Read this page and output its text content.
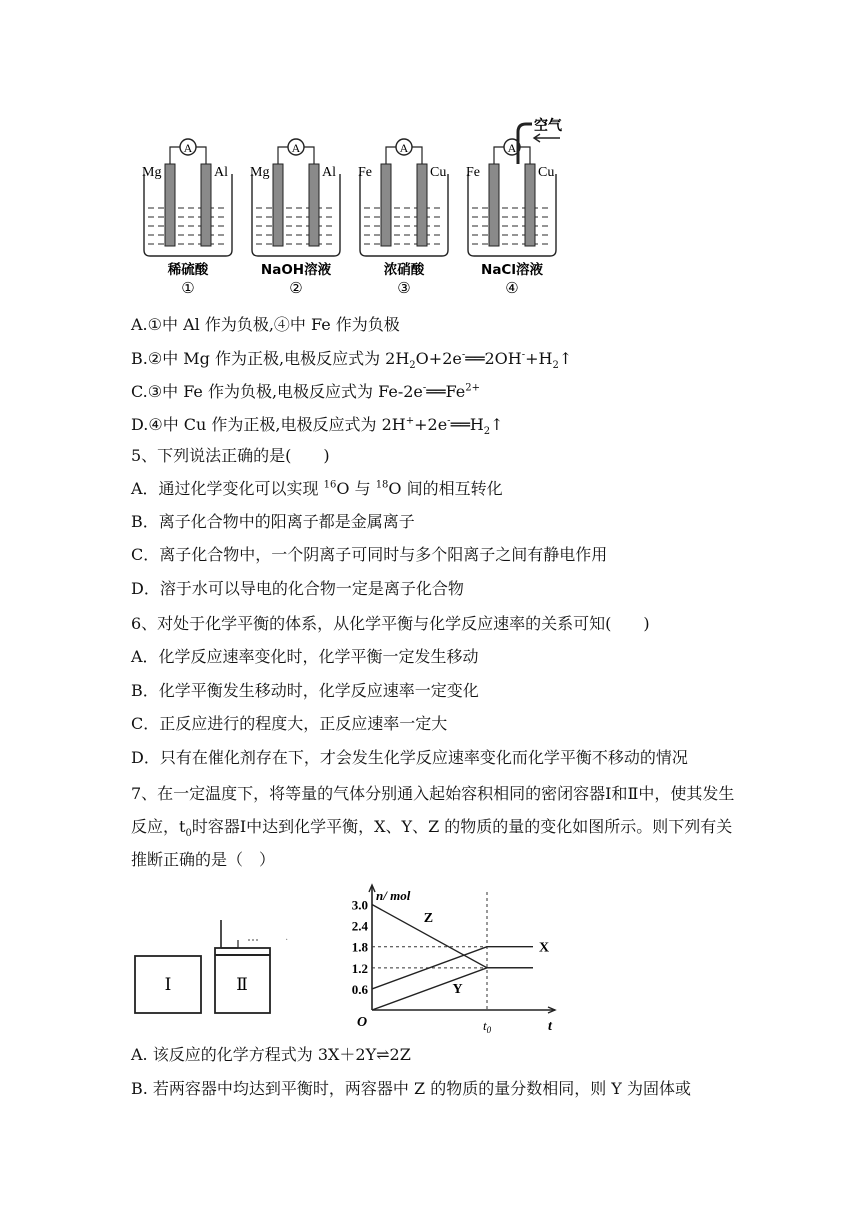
A
Mg	Al
稀硫酸
①
A
Mg	Al
NaOH溶液
②
A
Fe	Cu
浓硝酸
③
A
Fe	Cu
NaCl溶液
④
空气
A.①中 Al 作为负极,④中 Fe 作为负极
B.②中 Mg 作为正极,电极反应式为 $2H_2O+2e^-══2OH^-+H_2↑$
C.③中 Fe 作为负极,电极反应式为 $Fe-2e^-══Fe^{2+}$
D.④中 Cu 作为正极,电极反应式为 $2H^++2e^-══H_2↑$
5、下列说法正确的是(　　)
A．通过化学变化可以实现 $^{16}$O 与 $^{18}$O 间的相互转化
B．离子化合物中的阳离子都是金属离子
C．离子化合物中，一个阴离子可同时与多个阳离子之间有静电作用
D．溶于水可以导电的化合物一定是离子化合物
6、对处于化学平衡的体系，从化学平衡与化学反应速率的关系可知(　　)
A．化学反应速率变化时，化学平衡一定发生移动
B．化学平衡发生移动时，化学反应速率一定变化
C．正反应进行的程度大，正反应速率一定大
D．只有在催化剂存在下，才会发生化学反应速率变化而化学平衡不移动的情况
7、在一定温度下，将等量的气体分别通入起始容积相同的密闭容器Ⅰ和Ⅱ中，使其发生反应，$t_0$时容器Ⅰ中达到化学平衡，X、Y、Z 的物质的量的变化如图所示。则下列有关推断正确的是（　）
Ⅰ	Ⅱ
·
n/ mol
t
O
3.0
2.4
1.8
1.2
0.6
$t_0$
Z
X
Y
A. 该反应的化学方程式为 3X＋2Y⇌2Z
B. 若两容器中均达到平衡时，两容器中 Z 的物质的量分数相同，则 Y 为固体或
